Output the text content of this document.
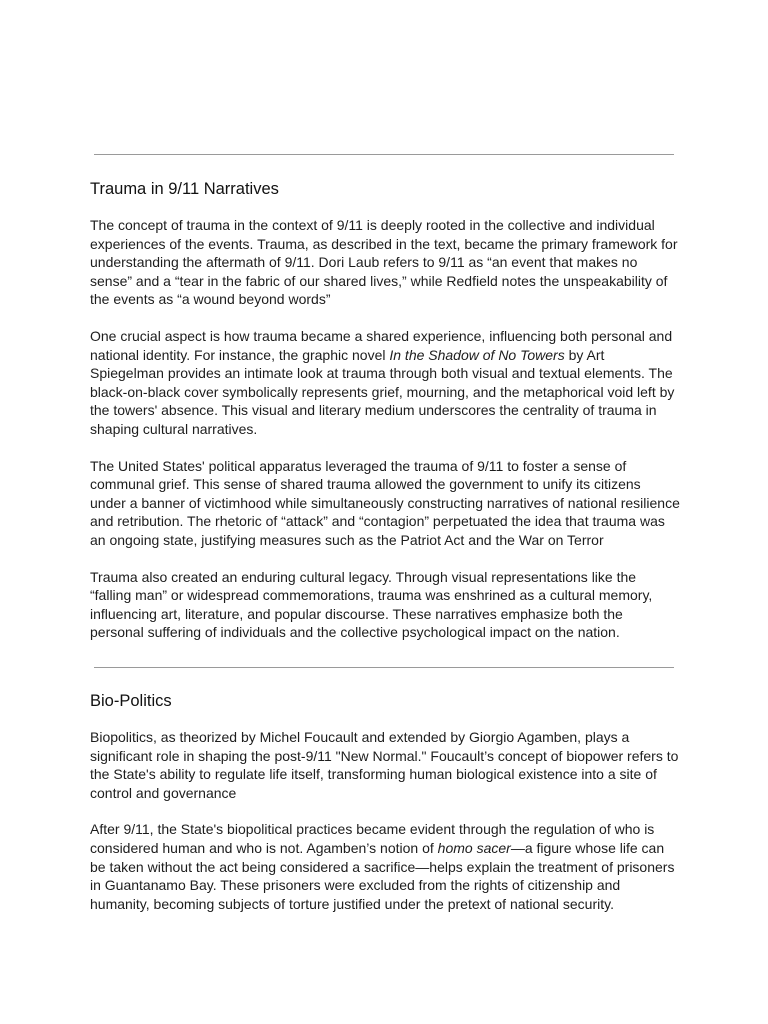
Trauma in 9/11 Narratives

The concept of trauma in the context of 9/11 is deeply rooted in the collective and individual experiences of the events. Trauma, as described in the text, became the primary framework for understanding the aftermath of 9/11. Dori Laub refers to 9/11 as “an event that makes no sense” and a “tear in the fabric of our shared lives,” while Redfield notes the unspeakability of the events as “a wound beyond words”

One crucial aspect is how trauma became a shared experience, influencing both personal and national identity. For instance, the graphic novel In the Shadow of No Towers by Art Spiegelman provides an intimate look at trauma through both visual and textual elements. The black-on-black cover symbolically represents grief, mourning, and the metaphorical void left by the towers' absence. This visual and literary medium underscores the centrality of trauma in shaping cultural narratives.

The United States' political apparatus leveraged the trauma of 9/11 to foster a sense of communal grief. This sense of shared trauma allowed the government to unify its citizens under a banner of victimhood while simultaneously constructing narratives of national resilience and retribution. The rhetoric of “attack” and “contagion” perpetuated the idea that trauma was an ongoing state, justifying measures such as the Patriot Act and the War on Terror

Trauma also created an enduring cultural legacy. Through visual representations like the “falling man” or widespread commemorations, trauma was enshrined as a cultural memory, influencing art, literature, and popular discourse. These narratives emphasize both the personal suffering of individuals and the collective psychological impact on the nation.

Bio-Politics

Biopolitics, as theorized by Michel Foucault and extended by Giorgio Agamben, plays a significant role in shaping the post-9/11 "New Normal." Foucault’s concept of biopower refers to the State's ability to regulate life itself, transforming human biological existence into a site of control and governance

After 9/11, the State's biopolitical practices became evident through the regulation of who is considered human and who is not. Agamben’s notion of homo sacer—a figure whose life can be taken without the act being considered a sacrifice—helps explain the treatment of prisoners in Guantanamo Bay. These prisoners were excluded from the rights of citizenship and humanity, becoming subjects of torture justified under the pretext of national security.
